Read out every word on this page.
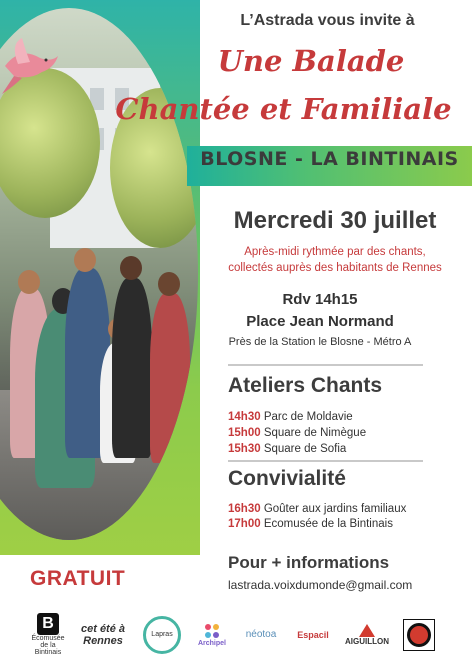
L’Astrada vous invite à
Une Balade
Chantée et Familiale
BLOSNE - LA BINTINAIS
Mercredi 30 juillet
Après-midi rythmée par des chants,
collectés auprès des habitants de Rennes
Rdv 14h15
Place Jean Normand
Près de la Station le Blosne - Métro A
Ateliers Chants
14h30 Parc de Moldavie
15h00 Square de Nimègue
15h30 Square de Sofia
Convivialité
16h30 Goûter aux jardins familiaux
17h00 Ecomusée de la Bintinais
Pour + informations
lastrada.voixdumonde@gmail.com
GRATUIT
B
Écomusée de la Bintinais
cet été à Rennes	Lapras
Archipel
néotoa Espacil
AIGUILLON
